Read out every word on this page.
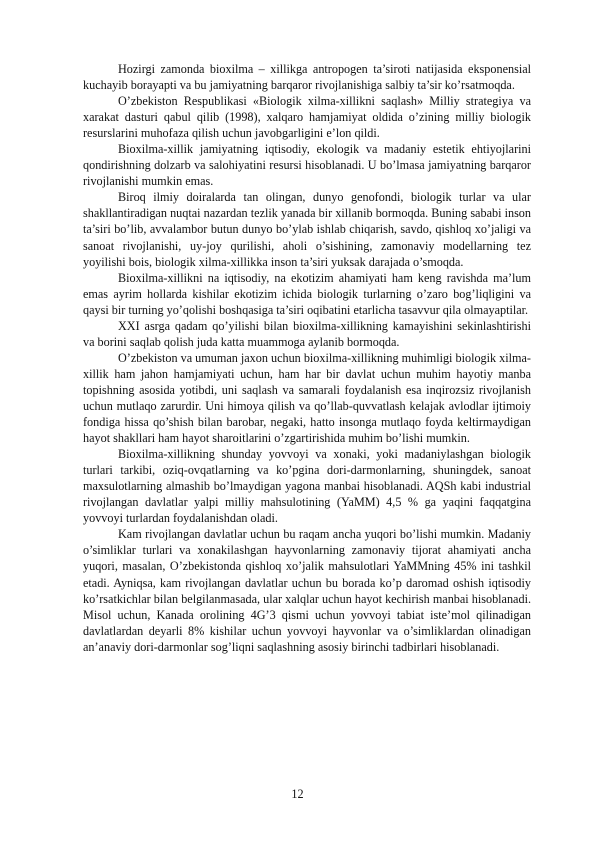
Hozirgi zamonda bioxilma – xillikga antropogen ta’siroti natijasida eksponensial kuchayib borayapti va bu jamiyatning barqaror rivojlanishiga salbiy ta’sir ko’rsatmoqda.

O’zbekiston Respublikasi «Biologik xilma-xillikni saqlash» Milliy strategiya va xarakat dasturi qabul qilib (1998), xalqaro hamjamiyat oldida o’zining milliy biologik resurslarini muhofaza qilish uchun javobgarligini e’lon qildi.

Bioxilma-xillik jamiyatning iqtisodiy, ekologik va madaniy estetik ehtiyojlarini qondirishning dolzarb va salohiyatini resursi hisoblanadi. U bo’lmasa jamiyatning barqaror rivojlanishi mumkin emas.

Biroq ilmiy doiralarda tan olingan, dunyo genofondi, biologik turlar va ular shakllantiradigan nuqtai nazardan tezlik yanada bir xillanib bormoqda. Buning sababi inson ta’siri bo’lib, avvalambor butun dunyo bo’ylab ishlab chiqarish, savdo, qishloq xo’jaligi va sanoat rivojlanishi, uy-joy qurilishi, aholi o’sishining, zamonaviy modellarning tez yoyilishi bois, biologik xilma-xillikka inson ta’siri yuksak darajada o’smoqda.

Bioxilma-xillikni na iqtisodiy, na ekotizim ahamiyati ham keng ravishda ma’lum emas ayrim hollarda kishilar ekotizim ichida biologik turlarning o’zaro bog’liqligini va qaysi bir turning yo’qolishi boshqasiga ta’siri oqibatini etarlicha tasavvur qila olmayaptilar.

XXI asrga qadam qo’yilishi bilan bioxilma-xillikning kamayishini sekinlashtirishi va borini saqlab qolish juda katta muammoga aylanib bormoqda.

O’zbekiston va umuman jaxon uchun bioxilma-xillikning muhimligi biologik xilma-xillik ham jahon hamjamiyati uchun, ham har bir davlat uchun muhim hayotiy manba topishning asosida yotibdi, uni saqlash va samarali foydalanish esa inqirozsiz rivojlanish uchun mutlaqo zarurdir. Uni himoya qilish va qo’llab-quvvatlash kelajak avlodlar ijtimoiy fondiga hissa qo’shish bilan barobar, negaki, hatto insonga mutlaqo foyda keltirmaydigan hayot shakllari ham hayot sharoitlarini o’zgartirishida muhim bo’lishi mumkin.

Bioxilma-xillikning shunday yovvoyi va xonaki, yoki madaniylashgan biologik turlari tarkibi, oziq-ovqatlarning va ko’pgina dori-darmonlarning, shuningdek, sanoat maxsulotlarning almashib bo’lmaydigan yagona manbai hisoblanadi. AQSh kabi industrial rivojlangan davlatlar yalpi milliy mahsulotining (YaMM) 4,5 % ga yaqini faqqatgina yovvoyi turlardan foydalanishdan oladi.

Kam rivojlangan davlatlar uchun bu raqam ancha yuqori bo’lishi mumkin. Madaniy o’simliklar turlari va xonakilashgan hayvonlarning zamonaviy tijorat ahamiyati ancha yuqori, masalan, O’zbekistonda qishloq xo’jalik mahsulotlari YaMMning 45% ini tashkil etadi. Ayniqsa, kam rivojlangan davlatlar uchun bu borada ko’p daromad oshish iqtisodiy ko’rsatkichlar bilan belgilanmasada, ular xalqlar uchun hayot kechirish manbai hisoblanadi. Misol uchun, Kanada orolining 4G’3 qismi uchun yovvoyi tabiat iste’mol qilinadigan davlatlardan deyarli 8% kishilar uchun yovvoyi hayvonlar va o’simliklardan olinadigan an’anaviy dori-darmonlar sog’liqni saqlashning asosiy birinchi tadbirlari hisoblanadi.

12
